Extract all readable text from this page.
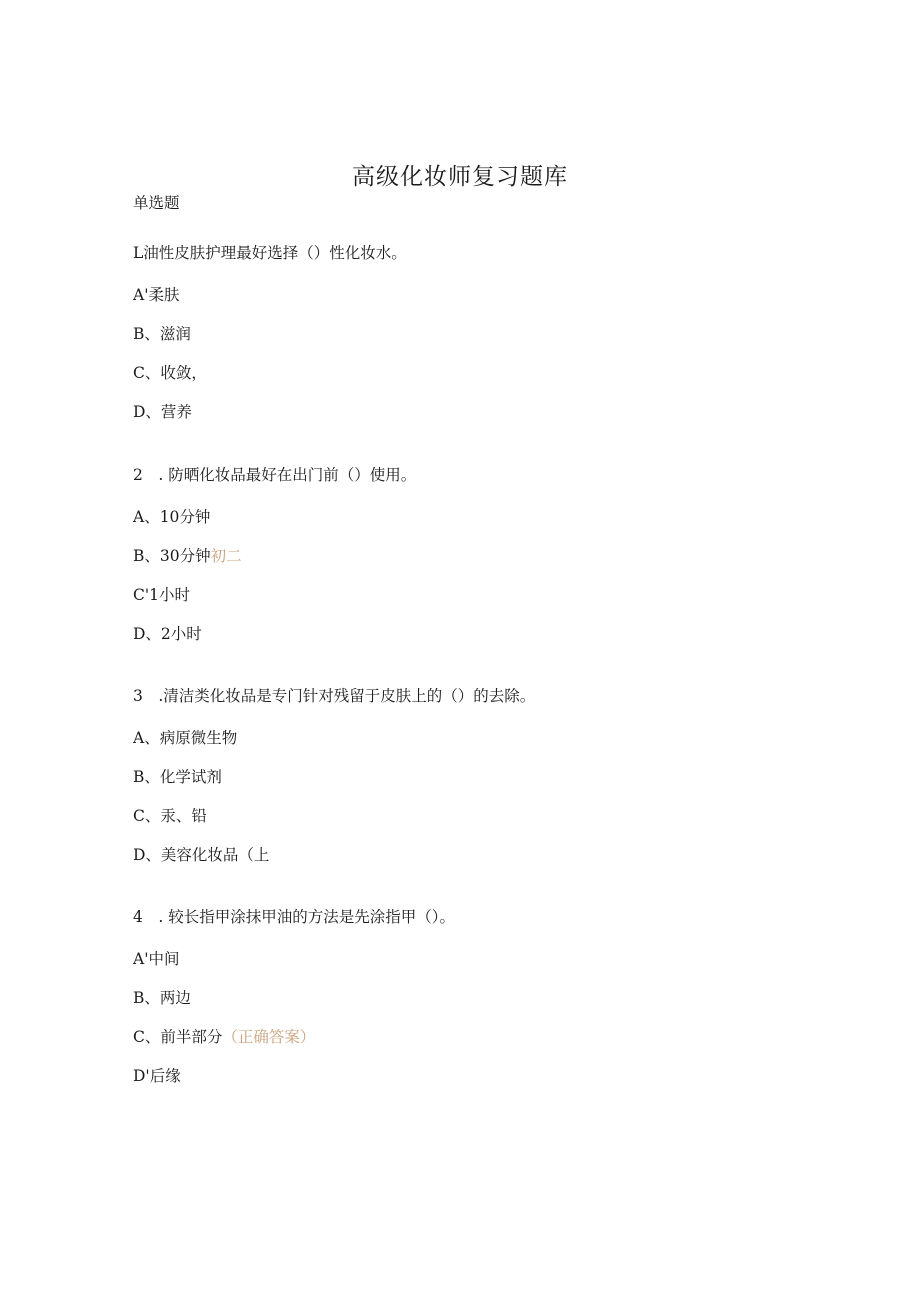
高级化妆师复习题库
单选题
L油性皮肤护理最好选择（）性化妆水。
A'柔肤
B、滋润
C、收敛，
D、营养
2　. 防晒化妆品最好在出门前（）使用。
A、10分钟
B、30分钟初二
C'1小时
D、2小时
3　.清洁类化妆品是专门针对残留于皮肤上的（）的去除。
A、病原微生物
B、化学试剂
C、汞、铅
D、美容化妆品（上
4　. 较长指甲涂抹甲油的方法是先涂指甲（）。
A'中间
B、两边
C、前半部分（正确答案）
D'后缘
